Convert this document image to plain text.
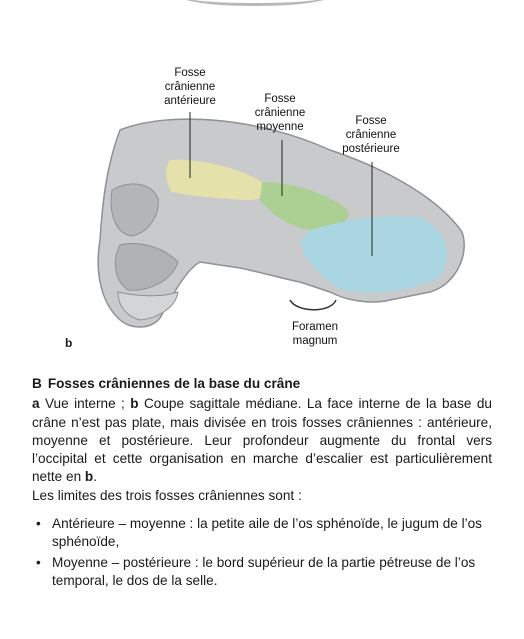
Fosse
crânienne
antérieure	Fosse
crânienne
moyenne	Fosse
crânienne
postérieure
Foramen
magnum
b

B Fosses crâniennes de la base du crâne

a Vue interne ; b Coupe sagittale médiane. La face interne de la base du crâne n’est pas plate, mais divisée en trois fosses crâniennes : antérieure, moyenne et postérieure. Leur profondeur augmente du frontal vers l’occipital et cette organisation en marche d’escalier est particulièrement nette en b.

Les limites des trois fosses crâniennes sont :

• Antérieure – moyenne : la petite aile de l’os sphénoïde, le jugum de l’os sphénoïde,
• Moyenne – postérieure : le bord supérieur de la partie pétreuse de l’os temporal, le dos de la selle.
